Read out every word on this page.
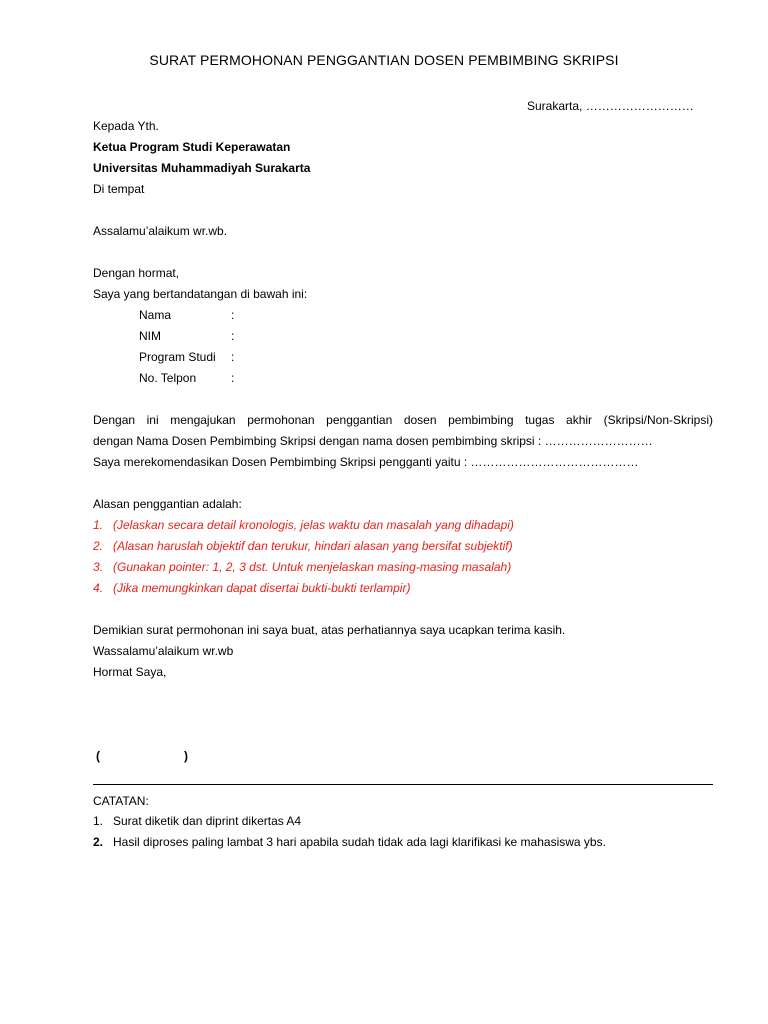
SURAT PERMOHONAN PENGGANTIAN DOSEN PEMBIMBING SKRIPSI
Surakarta, ………………………
Kepada Yth.
Ketua Program Studi Keperawatan
Universitas Muhammadiyah Surakarta
Di tempat
Assalamu’alaikum wr.wb.
Dengan hormat,
Saya yang bertandatangan di bawah ini:
Nama	:
NIM	:
Program Studi :
No. Telpon	:
Dengan ini mengajukan permohonan penggantian dosen pembimbing tugas akhir (Skripsi/Non-Skripsi)
dengan Nama Dosen Pembimbing Skripsi dengan nama dosen pembimbing skripsi : ………………………
Saya merekomendasikan Dosen Pembimbing Skripsi pengganti yaitu : ……………………………………
Alasan penggantian adalah:
1. (Jelaskan secara detail kronologis, jelas waktu dan masalah yang dihadapi)
2. (Alasan haruslah objektif dan terukur, hindari alasan yang bersifat subjektif)
3. (Gunakan pointer: 1, 2, 3 dst. Untuk menjelaskan masing-masing masalah)
4. (Jika memungkinkan dapat disertai bukti-bukti terlampir)
Demikian surat permohonan ini saya buat, atas perhatiannya saya ucapkan terima kasih.
Wassalamu’alaikum wr.wb
Hormat Saya,
(	)
CATATAN:
1. Surat diketik dan diprint dikertas A4
2. Hasil diproses paling lambat 3 hari apabila sudah tidak ada lagi klarifikasi ke mahasiswa ybs.
